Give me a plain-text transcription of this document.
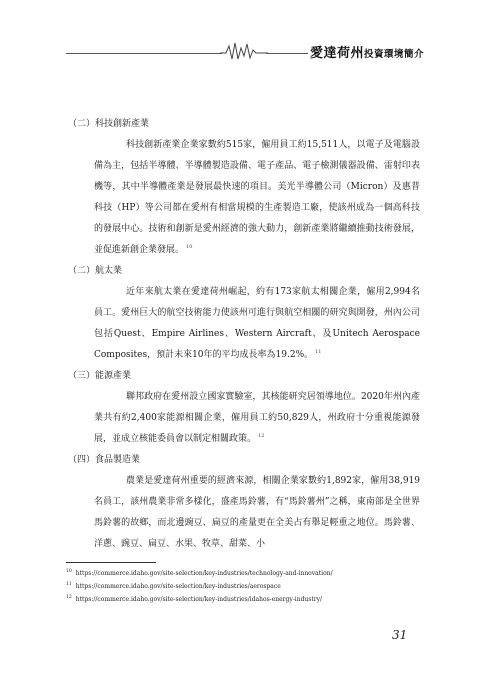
愛達荷州投資環境簡介
（二）科技創新產業

科技創新產業企業家數約515家，僱用員工約15,511人，以電子及電腦設備為主，包括半導體、半導體製造設備、電子產品、電子檢測儀器設備、雷射印表機等，其中半導體產業是發展最快速的項目。美光半導體公司（Micron）及惠普科技（HP）等公司都在愛州有相當規模的生產製造工廠，使該州成為一個高科技的發展中心。技術和創新是愛州經濟的強大動力，創新產業將繼續推動技術發展，並促進新創企業發展。 $^{10}$

（二）航太業

近年來航太業在愛達荷州崛起，約有173家航太相關企業，僱用2,994名員工。愛州巨大的航空技術能力使該州可進行與航空相關的研究與開發，州內公司包括Quest、Empire Airlines、Western Aircraft、及Unitech Aerospace Composites，預計未來10年的平均成長率為19.2%。 $^{11}$

（三）能源產業

聯邦政府在愛州設立國家實驗室，其核能研究居領導地位。2020年州內產業共有約2,400家能源相關企業，僱用員工約50,829人，州政府十分重視能源發展，並成立核能委員會以制定相關政策。 $^{12}$

（四）食品製造業

農業是愛達荷州重要的經濟來源，相關企業家數約1,892家，僱用38,919名員工，該州農業非常多樣化，盛產馬鈴薯，有“馬鈴薯州”之稱，東南部是全世界馬鈴薯的故鄉，而北邊豌豆、扁豆的產量更在全美占有舉足輕重之地位。馬鈴薯、洋蔥、豌豆、扁豆、水果、牧草、甜菜、小

$^{10}$ https://commerce.idaho.gov/site-selection/key-industries/technology-and-innovation/
$^{11}$ https://commerce.idaho.gov/site-selection/key-industries/aerospace
$^{12}$ https://commerce.idaho.gov/site-selection/key-industries/idahos-energy-industry/
31
